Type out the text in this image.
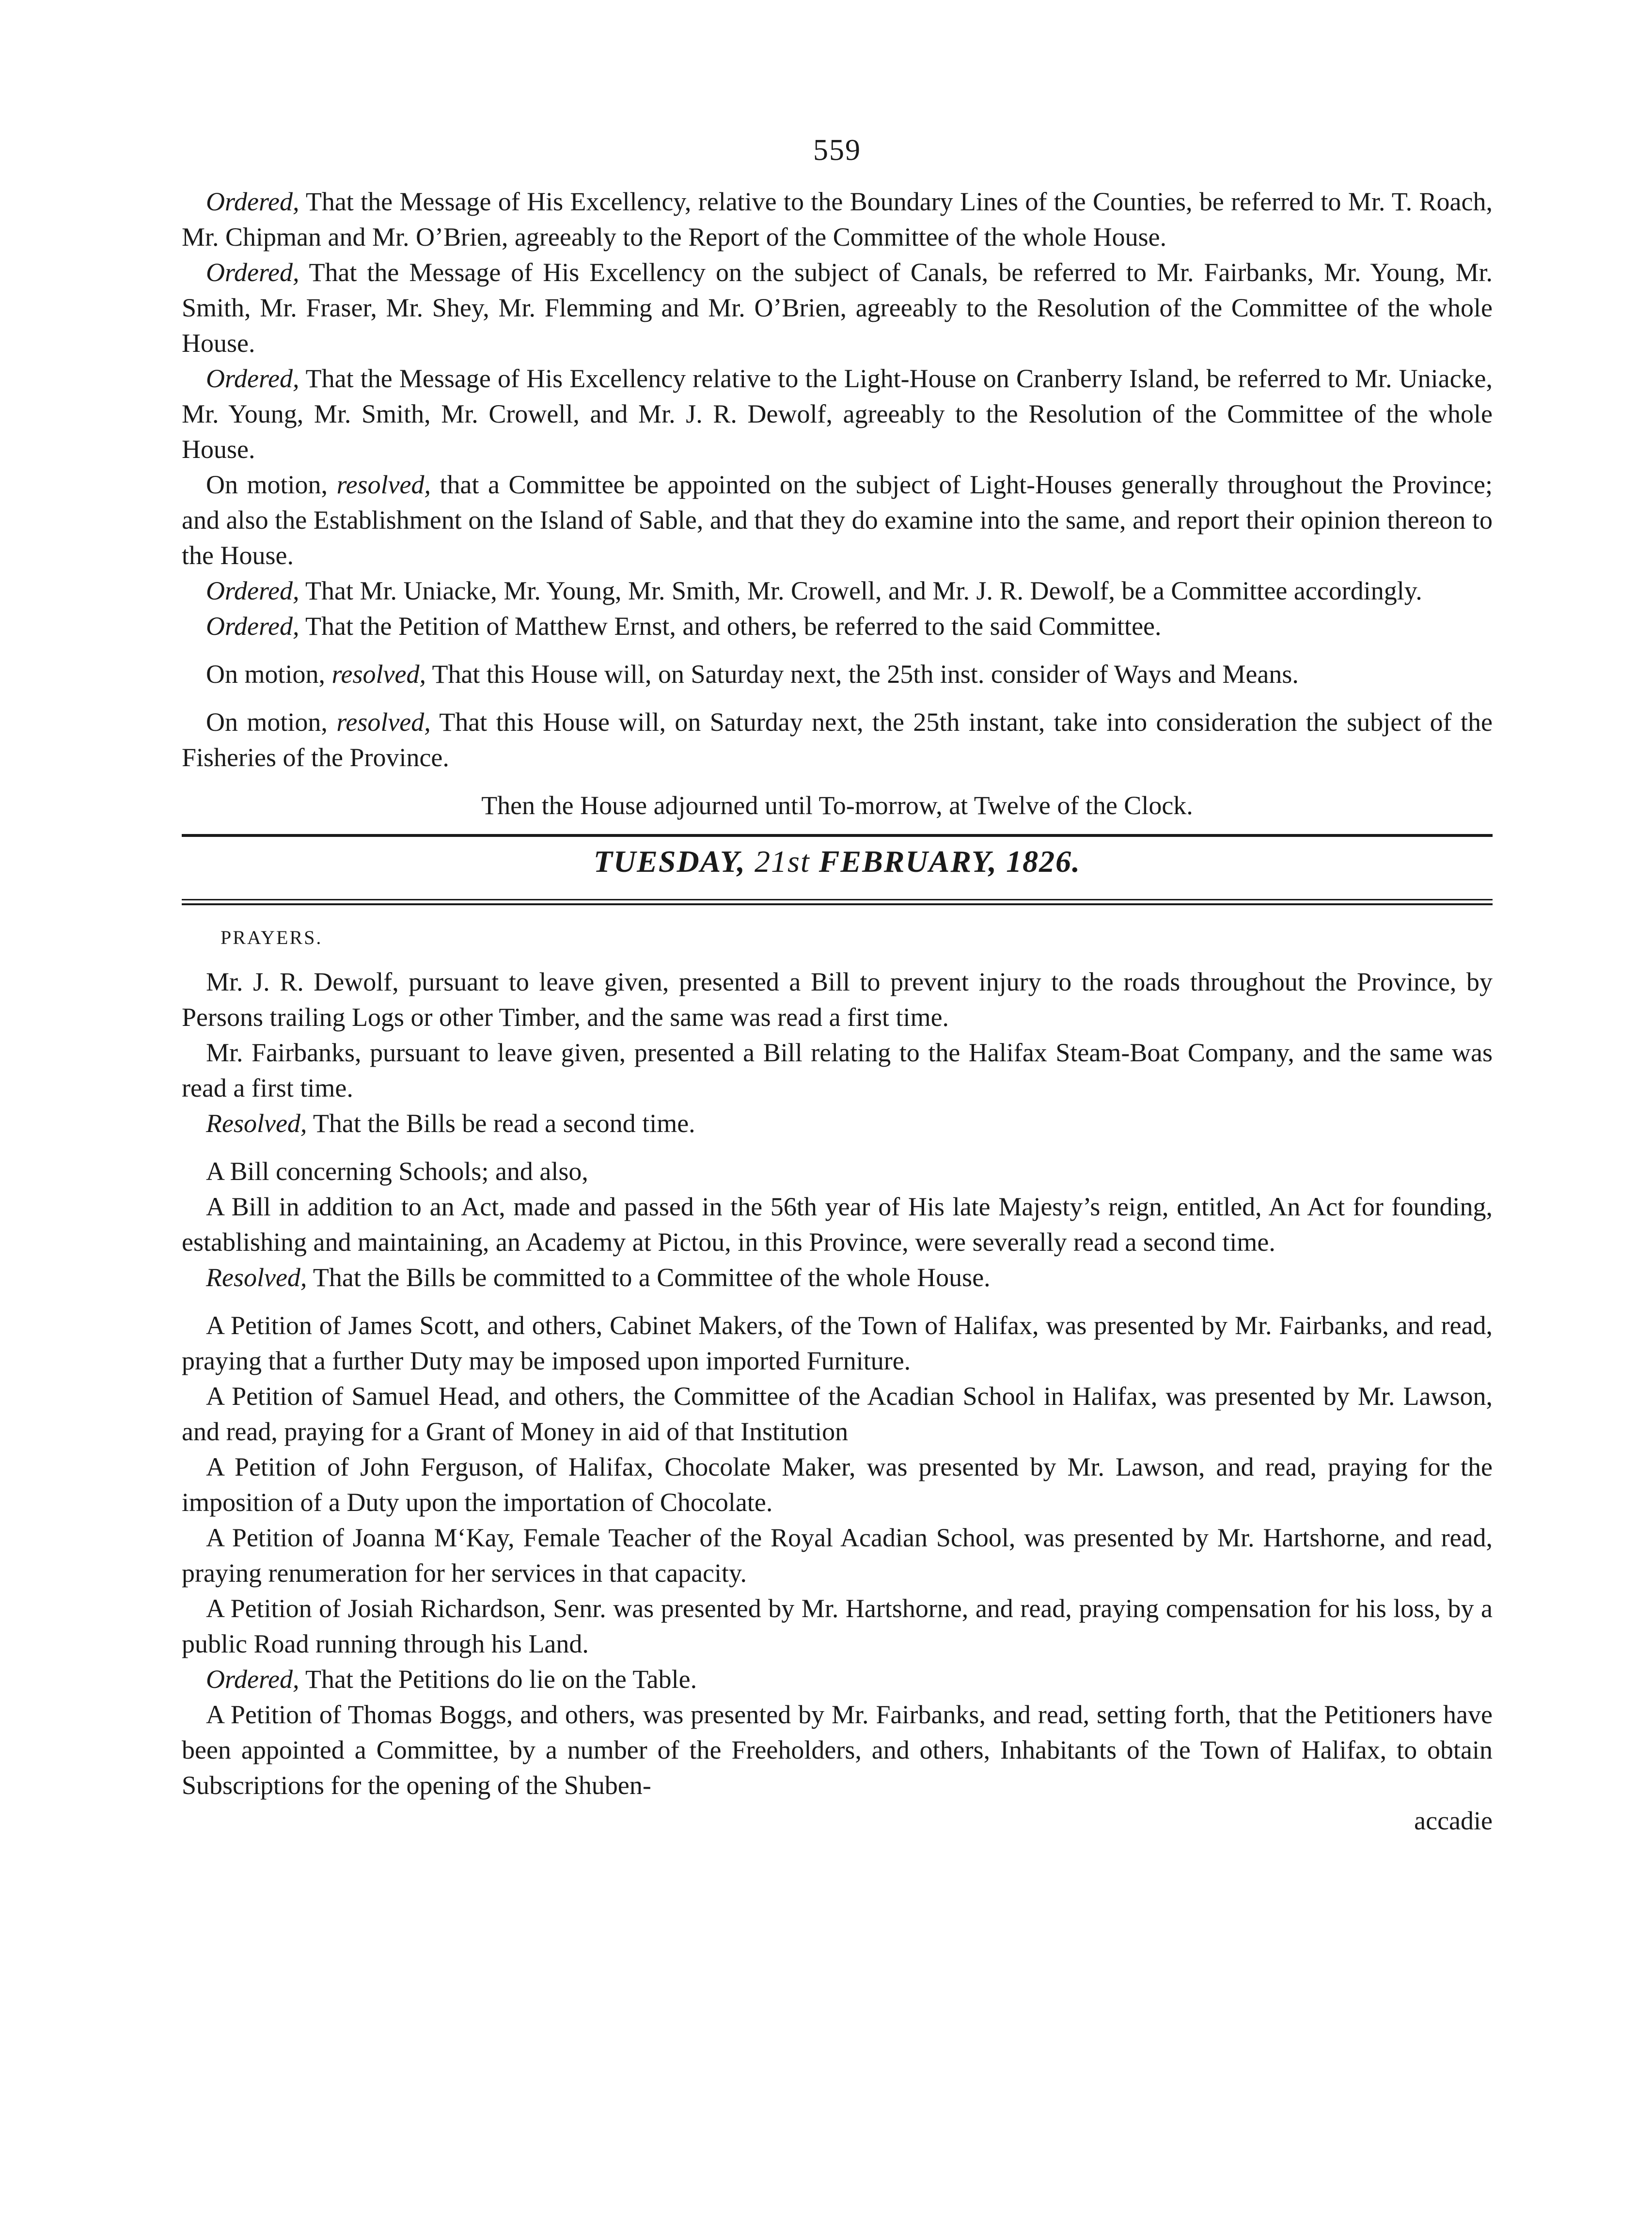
559

Ordered, That the Message of His Excellency, relative to the Boundary Lines of the Counties, be referred to Mr. T. Roach, Mr. Chipman and Mr. O’Brien, agreeably to the Report of the Committee of the whole House.

Ordered, That the Message of His Excellency on the subject of Canals, be referred to Mr. Fairbanks, Mr. Young, Mr. Smith, Mr. Fraser, Mr. Shey, Mr. Flemming and Mr. O’Brien, agreeably to the Resolution of the Committee of the whole House.

Ordered, That the Message of His Excellency relative to the Light-House on Cranberry Island, be referred to Mr. Uniacke, Mr. Young, Mr. Smith, Mr. Crowell, and Mr. J. R. Dewolf, agreeably to the Resolution of the Committee of the whole House.

On motion, resolved, that a Committee be appointed on the subject of Light-Houses generally throughout the Province; and also the Establishment on the Island of Sable, and that they do examine into the same, and report their opinion thereon to the House.

Ordered, That Mr. Uniacke, Mr. Young, Mr. Smith, Mr. Crowell, and Mr. J. R. Dewolf, be a Committee accordingly.

Ordered, That the Petition of Matthew Ernst, and others, be referred to the said Committee.

On motion, resolved, That this House will, on Saturday next, the 25th inst. consider of Ways and Means.

On motion, resolved, That this House will, on Saturday next, the 25th instant, take into consideration the subject of the Fisheries of the Province.

Then the House adjourned until To-morrow, at Twelve of the Clock.

TUESDAY, 21st FEBRUARY, 1826.
PRAYERS.

Mr. J. R. Dewolf, pursuant to leave given, presented a Bill to prevent injury to the roads throughout the Province, by Persons trailing Logs or other Timber, and the same was read a first time.

Mr. Fairbanks, pursuant to leave given, presented a Bill relating to the Halifax Steam-Boat Company, and the same was read a first time.

Resolved, That the Bills be read a second time.

A Bill concerning Schools; and also,

A Bill in addition to an Act, made and passed in the 56th year of His late Majesty’s reign, entitled, An Act for founding, establishing and maintaining, an Academy at Pictou, in this Province, were severally read a second time.

Resolved, That the Bills be committed to a Committee of the whole House.

A Petition of James Scott, and others, Cabinet Makers, of the Town of Halifax, was presented by Mr. Fairbanks, and read, praying that a further Duty may be imposed upon imported Furniture.

A Petition of Samuel Head, and others, the Committee of the Acadian School in Halifax, was presented by Mr. Lawson, and read, praying for a Grant of Money in aid of that Institution

A Petition of John Ferguson, of Halifax, Chocolate Maker, was presented by Mr. Lawson, and read, praying for the imposition of a Duty upon the importation of Chocolate.

A Petition of Joanna M‘Kay, Female Teacher of the Royal Acadian School, was presented by Mr. Hartshorne, and read, praying renumeration for her services in that capacity.

A Petition of Josiah Richardson, Senr. was presented by Mr. Hartshorne, and read, praying compensation for his loss, by a public Road running through his Land.

Ordered, That the Petitions do lie on the Table.

A Petition of Thomas Boggs, and others, was presented by Mr. Fairbanks, and read, setting forth, that the Petitioners have been appointed a Committee, by a number of the Freeholders, and others, Inhabitants of the Town of Halifax, to obtain Subscriptions for the opening of the Shuben-

accadie
